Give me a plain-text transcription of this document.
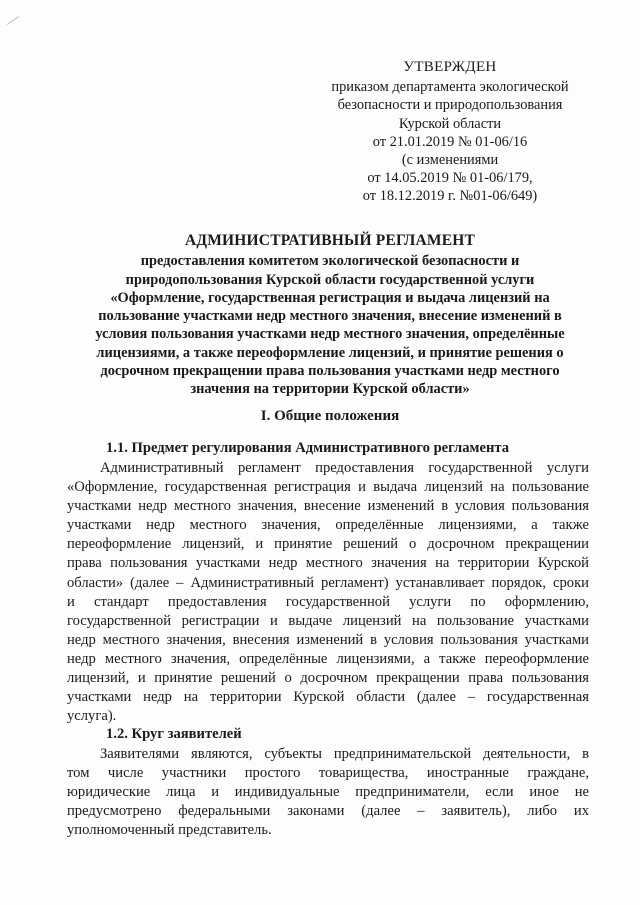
УТВЕРЖДЕН
приказом департамента экологической
безопасности и природопользования
Курской области
от 21.01.2019 № 01-06/16
(с изменениями
от 14.05.2019 № 01-06/179,
от 18.12.2019 г. №01-06/649)
АДМИНИСТРАТИВНЫЙ РЕГЛАМЕНТ
предоставления комитетом экологической безопасности и
природопользования Курской области государственной услуги
«Оформление, государственная регистрация и выдача лицензий на
пользование участками недр местного значения, внесение изменений в
условия пользования участками недр местного значения, определённые
лицензиями, а также переоформление лицензий, и принятие решения о
досрочном прекращении права пользования участками недр местного
значения на территории Курской области»
I. Общие положения
1.1. Предмет регулирования Административного регламента
Административный регламент предоставления государственной услуги
«Оформление, государственная регистрация и выдача лицензий на пользование
участками недр местного значения, внесение изменений в условия пользования
участками недр местного значения, определённые лицензиями, а также
переоформление лицензий, и принятие решений о досрочном прекращении
права пользования участками недр местного значения на территории Курской
области» (далее – Административный регламент) устанавливает порядок, сроки
и стандарт предоставления государственной услуги по оформлению,
государственной регистрации и выдаче лицензий на пользование участками
недр местного значения, внесения изменений в условия пользования участками
недр местного значения, определённые лицензиями, а также переоформление
лицензий, и принятие решений о досрочном прекращении права пользования
участками недр на территории Курской области (далее – государственная
услуга).
1.2. Круг заявителей
Заявителями являются, субъекты предпринимательской деятельности, в
том числе участники простого товарищества, иностранные граждане,
юридические лица и индивидуальные предприниматели, если иное не
предусмотрено федеральными законами (далее – заявитель), либо их
уполномоченный представитель.
